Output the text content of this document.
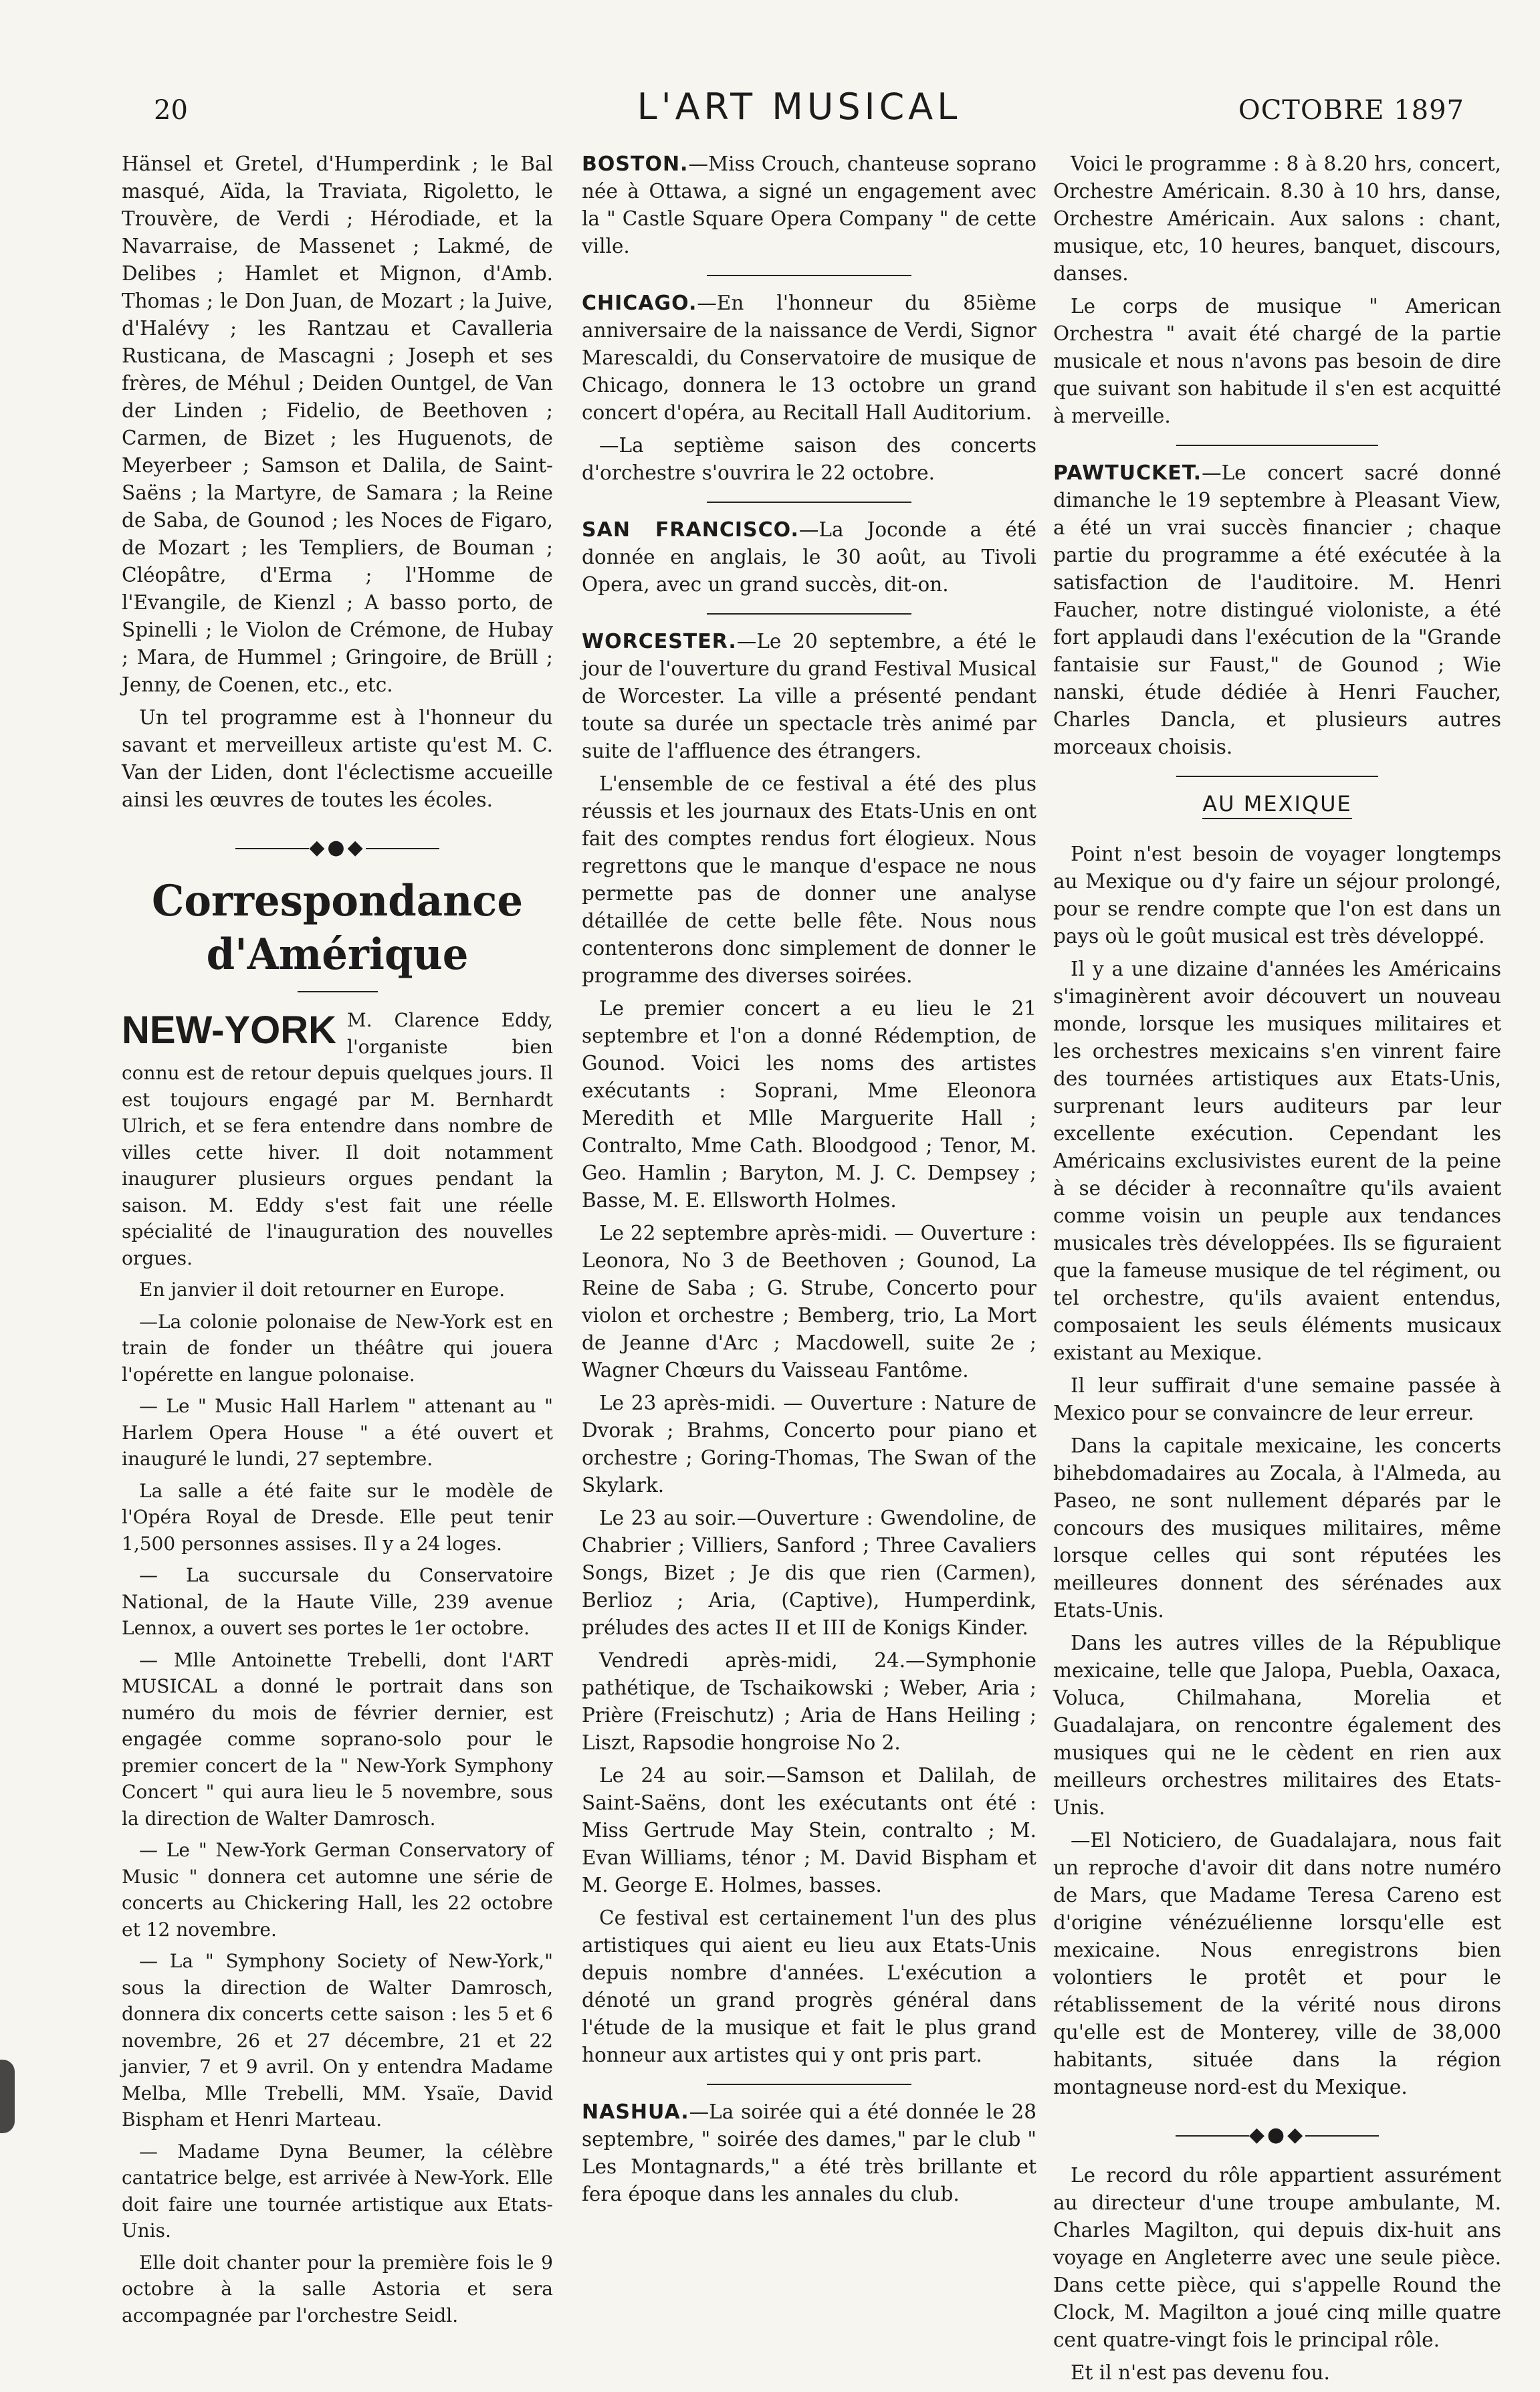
20	L'ART MUSICAL	OCTOBRE 1897

Hänsel et Gretel, d'Humperdink ; le Bal masqué, Aïda, la Traviata, Rigoletto, le Trouvère, de Verdi ; Hérodiade, et la Navarraise, de Massenet ; Lakmé, de Delibes ; Hamlet et Mignon, d'Amb. Thomas ; le Don Juan, de Mozart ; la Juive, d'Halévy ; les Rantzau et Cavalleria Rusticana, de Mascagni ; Joseph et ses frères, de Méhul ; Deiden Ountgel, de Van der Linden ; Fidelio, de Beethoven ; Carmen, de Bizet ; les Huguenots, de Meyerbeer ; Samson et Dalila, de Saint-Saëns ; la Martyre, de Samara ; la Reine de Saba, de Gounod ; les Noces de Figaro, de Mozart ; les Templiers, de Bouman ; Cléopâtre, d'Erma ; l'Homme de l'Evangile, de Kienzl ; A basso porto, de Spinelli ; le Violon de Crémone, de Hubay ; Mara, de Hummel ; Gringoire, de Brüll ; Jenny, de Coenen, etc., etc.

Un tel programme est à l'honneur du savant et merveilleux artiste qu'est M. C. Van der Liden, dont l'éclectisme accueille ainsi les œuvres de toutes les écoles.

◆●◆
Correspondance d'Amérique
NEW-YORK M. Clarence Eddy, l'organiste bien connu est de retour depuis quelques jours. Il est toujours engagé par M. Bernhardt Ulrich, et se fera entendre dans nombre de villes cette hiver. Il doit notamment inaugurer plusieurs orgues pendant la saison. M. Eddy s'est fait une réelle spécialité de l'inauguration des nouvelles orgues.

En janvier il doit retourner en Europe.

—La colonie polonaise de New-York est en train de fonder un théâtre qui jouera l'opérette en langue polonaise.

— Le " Music Hall Harlem " attenant au " Harlem Opera House " a été ouvert et inauguré le lundi, 27 septembre.

La salle a été faite sur le modèle de l'Opéra Royal de Dresde. Elle peut tenir 1,500 personnes assises. Il y a 24 loges.

— La succursale du Conservatoire National, de la Haute Ville, 239 avenue Lennox, a ouvert ses portes le 1er octobre.

— Mlle Antoinette Trebelli, dont l'ART MUSICAL a donné le portrait dans son numéro du mois de février dernier, est engagée comme soprano-solo pour le premier concert de la " New-York Symphony Concert " qui aura lieu le 5 novembre, sous la direction de Walter Damrosch.

— Le " New-York German Conservatory of Music " donnera cet automne une série de concerts au Chickering Hall, les 22 octobre et 12 novembre.

— La " Symphony Society of New-York," sous la direction de Walter Damrosch, donnera dix concerts cette saison : les 5 et 6 novembre, 26 et 27 décembre, 21 et 22 janvier, 7 et 9 avril. On y entendra Madame Melba, Mlle Trebelli, MM. Ysaïe, David Bispham et Henri Marteau.

— Madame Dyna Beumer, la célèbre cantatrice belge, est arrivée à New-York. Elle doit faire une tournée artistique aux Etats-Unis.

Elle doit chanter pour la première fois le 9 octobre à la salle Astoria et sera accompagnée par l'orchestre Seidl.

BOSTON.—Miss Crouch, chanteuse soprano née à Ottawa, a signé un engagement avec la " Castle Square Opera Company " de cette ville.

CHICAGO.—En l'honneur du 85ième anniversaire de la naissance de Verdi, Signor Marescaldi, du Conservatoire de musique de Chicago, donnera le 13 octobre un grand concert d'opéra, au Recitall Hall Auditorium.

—La septième saison des concerts d'orchestre s'ouvrira le 22 octobre.

SAN FRANCISCO.—La Joconde a été donnée en anglais, le 30 août, au Tivoli Opera, avec un grand succès, dit-on.

WORCESTER.—Le 20 septembre, a été le jour de l'ouverture du grand Festival Musical de Worcester. La ville a présenté pendant toute sa durée un spectacle très animé par suite de l'affluence des étrangers.

L'ensemble de ce festival a été des plus réussis et les journaux des Etats-Unis en ont fait des comptes rendus fort élogieux. Nous regrettons que le manque d'espace ne nous permette pas de donner une analyse détaillée de cette belle fête. Nous nous contenterons donc simplement de donner le programme des diverses soirées.

Le premier concert a eu lieu le 21 septembre et l'on a donné Rédemption, de Gounod. Voici les noms des artistes exécutants : Soprani, Mme Eleonora Meredith et Mlle Marguerite Hall ; Contralto, Mme Cath. Bloodgood ; Tenor, M. Geo. Hamlin ; Baryton, M. J. C. Dempsey ; Basse, M. E. Ellsworth Holmes.

Le 22 septembre après-midi. — Ouverture : Leonora, No 3 de Beethoven ; Gounod, La Reine de Saba ; G. Strube, Concerto pour violon et orchestre ; Bemberg, trio, La Mort de Jeanne d'Arc ; Macdowell, suite 2e ; Wagner Chœurs du Vaisseau Fantôme.

Le 23 après-midi. — Ouverture : Nature de Dvorak ; Brahms, Concerto pour piano et orchestre ; Goring-Thomas, The Swan of the Skylark.

Le 23 au soir.—Ouverture : Gwendoline, de Chabrier ; Villiers, Sanford ; Three Cavaliers Songs, Bizet ; Je dis que rien (Carmen), Berlioz ; Aria, (Captive), Humperdink, préludes des actes II et III de Konigs Kinder.

Vendredi après-midi, 24.—Symphonie pathétique, de Tschaikowski ; Weber, Aria ; Prière (Freischutz) ; Aria de Hans Heiling ; Liszt, Rapsodie hongroise No 2.

Le 24 au soir.—Samson et Dalilah, de Saint-Saëns, dont les exécutants ont été : Miss Gertrude May Stein, contralto ; M. Evan Williams, ténor ; M. David Bispham et M. George E. Holmes, basses.

Ce festival est certainement l'un des plus artistiques qui aient eu lieu aux Etats-Unis depuis nombre d'années. L'exécution a dénoté un grand progrès général dans l'étude de la musique et fait le plus grand honneur aux artistes qui y ont pris part.

NASHUA.—La soirée qui a été donnée le 28 septembre, " soirée des dames," par le club " Les Montagnards," a été très brillante et fera époque dans les annales du club.

Voici le programme : 8 à 8.20 hrs, concert, Orchestre Américain. 8.30 à 10 hrs, danse, Orchestre Américain. Aux salons : chant, musique, etc, 10 heures, banquet, discours, danses.

Le corps de musique " American Orchestra " avait été chargé de la partie musicale et nous n'avons pas besoin de dire que suivant son habitude il s'en est acquitté à merveille.

PAWTUCKET.—Le concert sacré donné dimanche le 19 septembre à Pleasant View, a été un vrai succès financier ; chaque partie du programme a été exécutée à la satisfaction de l'auditoire. M. Henri Faucher, notre distingué violoniste, a été fort applaudi dans l'exécution de la "Grande fantaisie sur Faust," de Gounod ; Wie nanski, étude dédiée à Henri Faucher, Charles Dancla, et plusieurs autres morceaux choisis.

AU MEXIQUE

Point n'est besoin de voyager longtemps au Mexique ou d'y faire un séjour prolongé, pour se rendre compte que l'on est dans un pays où le goût musical est très développé.

Il y a une dizaine d'années les Américains s'imaginèrent avoir découvert un nouveau monde, lorsque les musiques militaires et les orchestres mexicains s'en vinrent faire des tournées artistiques aux Etats-Unis, surprenant leurs auditeurs par leur excellente exécution. Cependant les Américains exclusivistes eurent de la peine à se décider à reconnaître qu'ils avaient comme voisin un peuple aux tendances musicales très développées. Ils se figuraient que la fameuse musique de tel régiment, ou tel orchestre, qu'ils avaient entendus, composaient les seuls éléments musicaux existant au Mexique.

Il leur suffirait d'une semaine passée à Mexico pour se convaincre de leur erreur.

Dans la capitale mexicaine, les concerts bihebdomadaires au Zocala, à l'Almeda, au Paseo, ne sont nullement déparés par le concours des musiques militaires, même lorsque celles qui sont réputées les meilleures donnent des sérénades aux Etats-Unis.

Dans les autres villes de la République mexicaine, telle que Jalopa, Puebla, Oaxaca, Voluca, Chilmahana, Morelia et Guadalajara, on rencontre également des musiques qui ne le cèdent en rien aux meilleurs orchestres militaires des Etats-Unis.

—El Noticiero, de Guadalajara, nous fait un reproche d'avoir dit dans notre numéro de Mars, que Madame Teresa Careno est d'origine vénézuélienne lorsqu'elle est mexicaine. Nous enregistrons bien volontiers le protêt et pour le rétablissement de la vérité nous dirons qu'elle est de Monterey, ville de 38,000 habitants, située dans la région montagneuse nord-est du Mexique.

◆●◆

Le record du rôle appartient assurément au directeur d'une troupe ambulante, M. Charles Magilton, qui depuis dix-huit ans voyage en Angleterre avec une seule pièce. Dans cette pièce, qui s'appelle Round the Clock, M. Magilton a joué cinq mille quatre cent quatre-vingt fois le principal rôle.

Et il n'est pas devenu fou.
